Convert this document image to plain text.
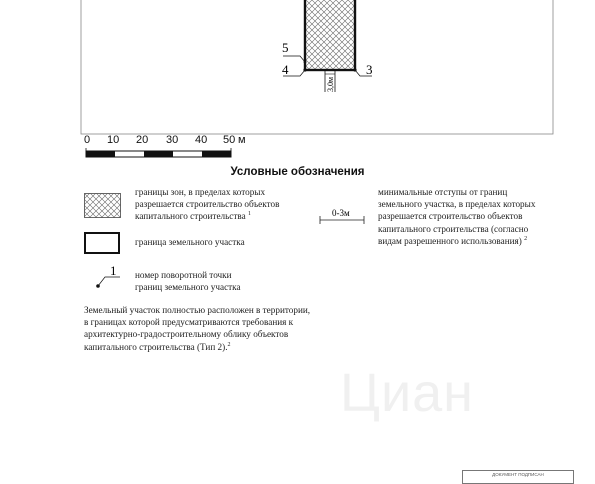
3,0м
5
4	3
0 10 20 30 40 50 м
Условные обозначения
границы зон, в пределах которых
разрешается строительство объектов
капитального строительства $^1$	0-3м
минимальные отступы от границ
земельного участка, в пределах которых
разрешается строительство объектов
капитального строительства (согласно
видам разрешенного использования) $^2$
граница земельного участка
1 номер поворотной точки
границ земельного участка
Земельный участок полностью расположен в территории,
в границах которой предусматриваются требования к
архитектурно-градостроительному облику объектов
капитального строительства (Тип 2).$^2$
Циан
ДОКУМЕНТ ПОДПИСАН
